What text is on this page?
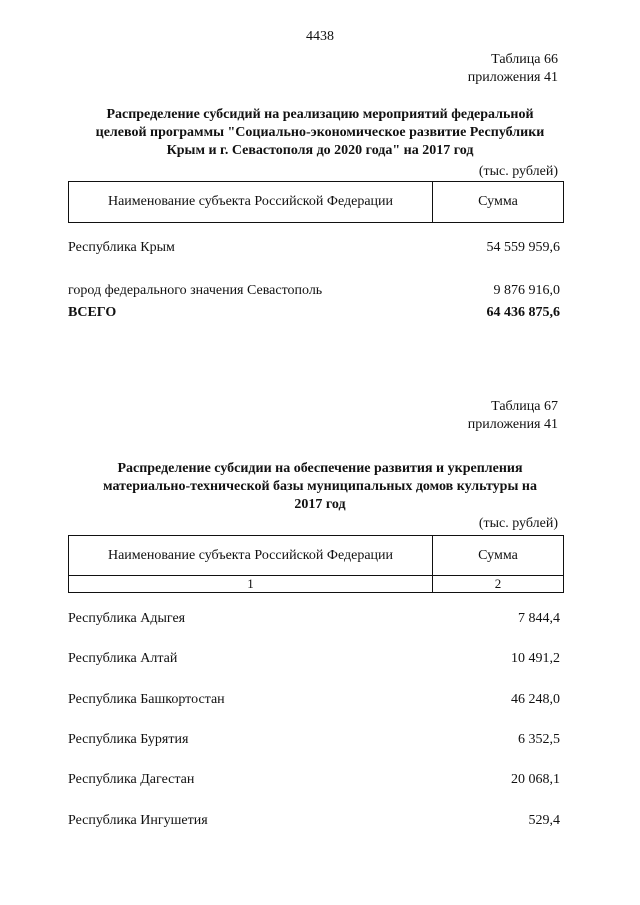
4438
Таблица 66
приложения 41
Распределение субсидий на реализацию мероприятий федеральной
целевой программы "Социально-экономическое развитие Республики
Крым и г. Севастополя до 2020 года" на 2017 год
(тыс. рублей)
Наименование субъекта Российской Федерации	Сумма
Республика Крым	54 559 959,6
город федерального значения Севастополь	9 876 916,0
ВСЕГО	64 436 875,6
Таблица 67
приложения 41
Распределение субсидии на обеспечение развития и укрепления
материально-технической базы муниципальных домов культуры на
2017 год
(тыс. рублей)
Наименование субъекта Российской Федерации	Сумма
1	2
Республика Адыгея	7 844,4
Республика Алтай	10 491,2
Республика Башкортостан	46 248,0
Республика Бурятия	6 352,5
Республика Дагестан	20 068,1
Республика Ингушетия	529,4
